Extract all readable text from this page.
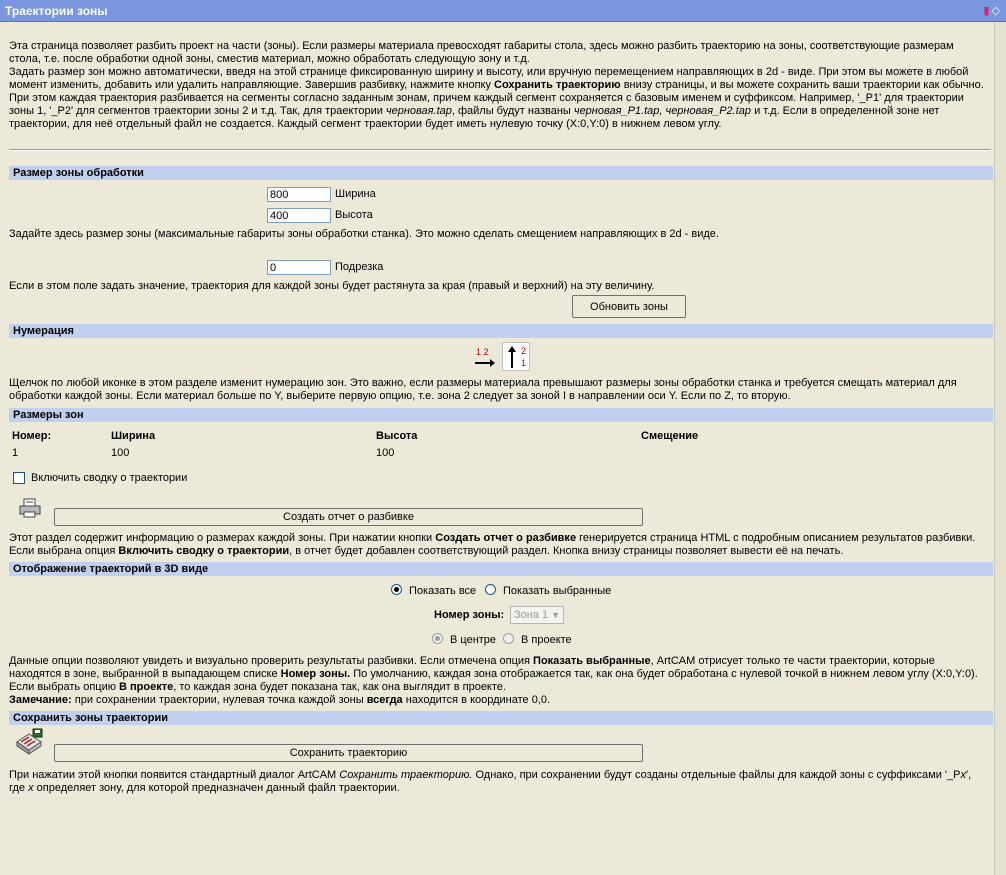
Траектории зоны	▮ ◇
Эта страница позволяет разбить проект на части (зоны). Если размеры материала превосходят габариты стола, здесь можно разбить траекторию на зоны, соответствующие размерам стола, т.е. после обработки одной зоны, сместив материал, можно обработать следующую зону и т.д.
Задать размер зон можно автоматически, введя на этой странице фиксированную ширину и высоту, или вручную перемещением направляющих в 2d - виде. При этом вы можете в любой момент изменить, добавить или удалить направляющие. Завершив разбивку, нажмите кнопку Сохранить траекторию внизу страницы, и вы можете сохранить ваши траектории как обычно. При этом каждая траектория разбивается на сегменты согласно заданным зонам, причем каждый сегмент сохраняется с базовым именем и суффиксом. Например, '_P1' для траектории зоны 1, '_P2' для сегментов траектории зоны 2 и т.д. Так, для траектории черновая.tap, файлы будут названы черновая_P1.tap, черновая_P2.tap и т.д. Если в определенной зоне нет траектории, для неё отдельный файл не создается. Каждый сегмент траектории будет иметь нулевую точку (X:0,Y:0) в нижнем левом углу.
Размер зоны обработки
800
Ширина
400
Высота
Задайте здесь размер зоны (максимальные габариты зоны обработки станка). Это можно сделать смещением направляющих в 2d - виде.
0
Подрезка
Если в этом поле задать значение, траектория для каждой зоны будет растянута за края (правый и верхний) на эту величину.
Обновить зоны
Нумерация
1 2	2
1
Щелчок по любой иконке в этом разделе изменит нумерацию зон. Это важно, если размеры материала превышают размеры зоны обработки станка и требуется смещать материал для обработки каждой зоны. Если материал больше по Y, выберите первую опцию, т.е. зона 2 следует за зоной I в направлении оси Y. Если по Z, то вторую.
Размеры зон
Номер:	Ширина	Высота	Смещение
1	100	100
Включить сводку о траектории
Создать отчет о разбивке
Этот раздел содержит информацию о размерах каждой зоны. При нажатии кнопки Создать отчет о разбивке генерируется страница HTML с подробным описанием результатов разбивки. Если выбрана опция Включить сводку о траектории, в отчет будет добавлен соответствующий раздел. Кнопка внизу страницы позволяет вывести её на печать.
Отображение траекторий в 3D виде
Показать все Показать выбранные
Номер зоны: Зона 1 ▼
В центре В проекте
Данные опции позволяют увидеть и визуально проверить результаты разбивки. Если отмечена опция Показать выбранные, ArtCAM отрисует только те части траектории, которые находятся в зоне, выбранной в выпадающем списке Номер зоны. По умолчанию, каждая зона отображается так, как она будет обработана с нулевой точкой в нижнем левом углу (X:0,Y:0). Если выбрать опцию В проекте, то каждая зона будет показана так, как она выглядит в проекте.
Замечание: при сохранении траектории, нулевая точка каждой зоны всегда находится в координате 0,0.
Сохранить зоны траектории
Сохранить траекторию
При нажатии этой кнопки появится стандартный диалог ArtCAM Сохранить траекторию. Однако, при сохранении будут созданы отдельные файлы для каждой зоны с суффиксами '_Px', где x определяет зону, для которой предназначен данный файл траектории.
